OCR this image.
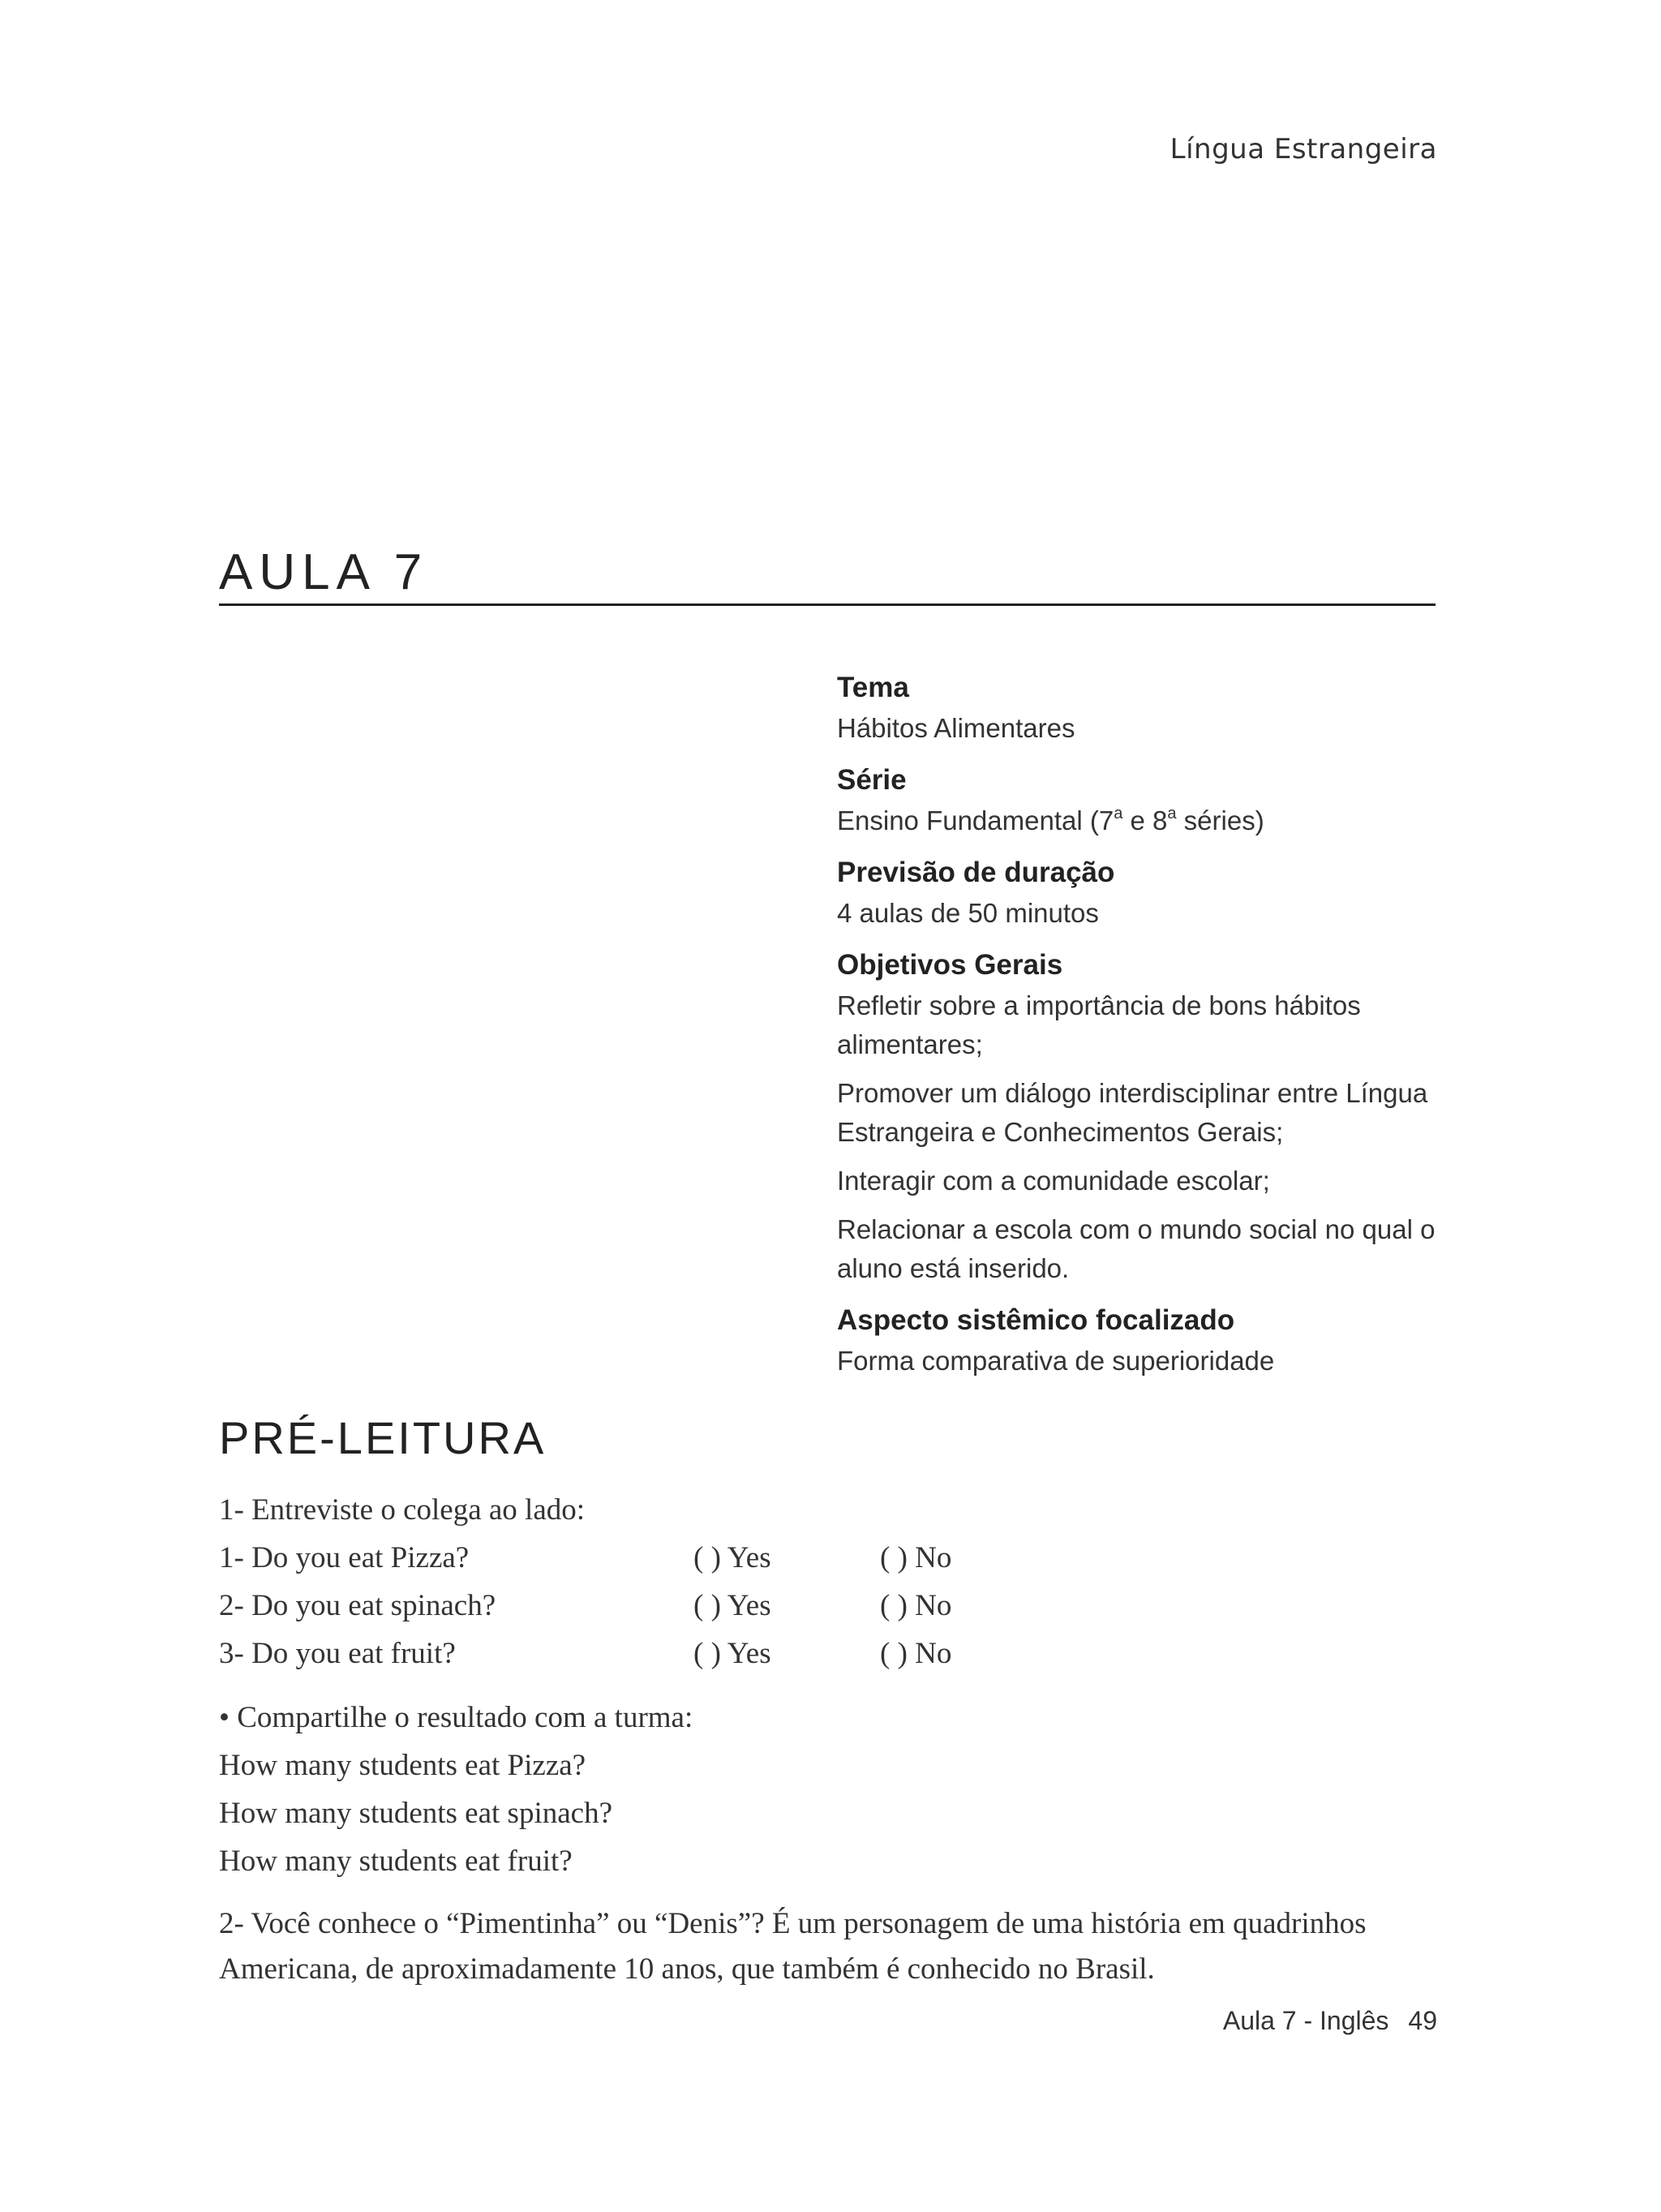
Língua Estrangeira
AULA 7

Tema

Hábitos Alimentares

Série

Ensino Fundamental (7$^a$ e 8$^a$ séries)

Previsão de duração

4 aulas de 50 minutos

Objetivos Gerais

Refletir sobre a importância de bons hábitos alimentares;

Promover um diálogo interdisciplinar entre Língua Estrangeira e Conhecimentos Gerais;

Interagir com a comunidade escolar;

Relacionar a escola com o mundo social no qual o aluno está inserido.

Aspecto sistêmico focalizado

Forma comparativa de superioridade

PRÉ-LEITURA
1- Entreviste o colega ao lado:
1- Do you eat Pizza?	( ) Yes	( ) No
2- Do you eat spinach?	( ) Yes	( ) No
3- Do you eat fruit?	( ) Yes	( ) No
• Compartilhe o resultado com a turma:
How many students eat Pizza?
How many students eat spinach?
How many students eat fruit?

2- Você conhece o “Pimentinha” ou “Denis”? É um personagem de uma história em quadrinhos Americana, de aproximadamente 10 anos, que também é conhecido no Brasil.

Aula 7 - Inglês 49
